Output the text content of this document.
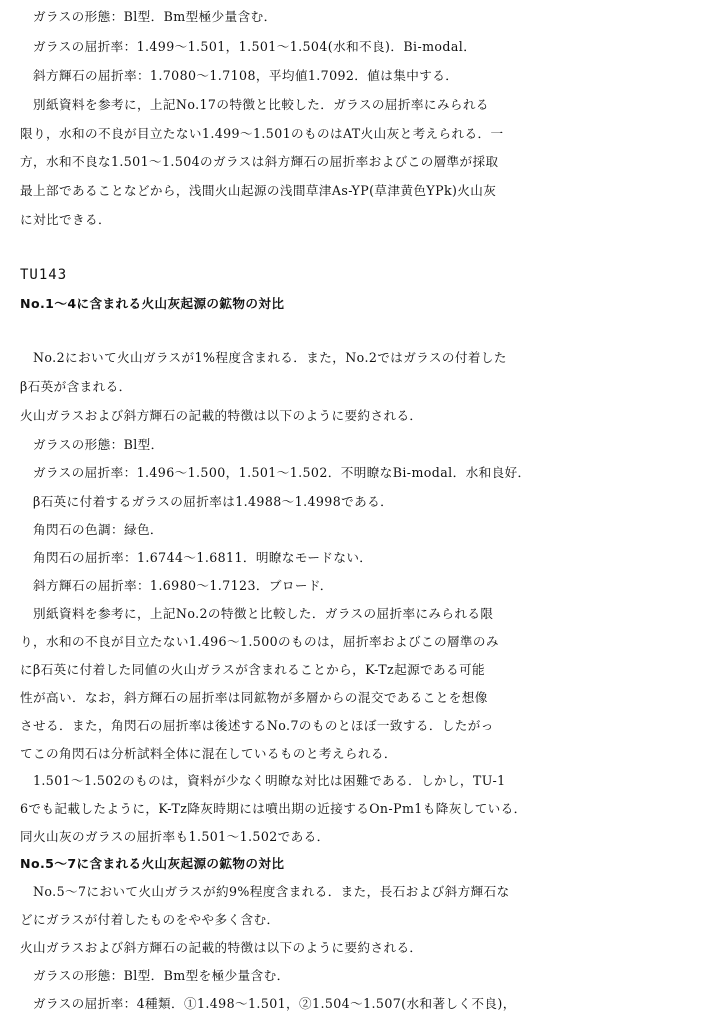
　ガラスの形態：Bl型．Bm型極少量含む．
　ガラスの屈折率：1.499～1.501，1.501～1.504(水和不良)．Bi-modal．
　斜方輝石の屈折率：1.7080～1.7108，平均値1.7092．値は集中する．
　別紙資料を参考に，上記No.17の特徴と比較した．ガラスの屈折率にみられる
限り，水和の不良が目立たない1.499～1.501のものはAT火山灰と考えられる．一
方，水和不良な1.501～1.504のガラスは斜方輝石の屈折率およびこの層準が採取
最上部であることなどから，浅間火山起源の浅間草津As-YP(草津黄色YPk)火山灰
に対比できる．
TU143
No.1～4に含まれる火山灰起源の鉱物の対比
　No.2において火山ガラスが1%程度含まれる．また，No.2ではガラスの付着した
β石英が含まれる．
火山ガラスおよび斜方輝石の記載的特徴は以下のように要約される．
　ガラスの形態：Bl型．
　ガラスの屈折率：1.496～1.500，1.501～1.502．不明瞭なBi-modal．水和良好．
　β石英に付着するガラスの屈折率は1.4988～1.4998である．
　角閃石の色調：緑色．
　角閃石の屈折率：1.6744～1.6811．明瞭なモードない．
　斜方輝石の屈折率：1.6980～1.7123．ブロード．
　別紙資料を参考に，上記No.2の特徴と比較した．ガラスの屈折率にみられる限
り，水和の不良が目立たない1.496～1.500のものは，屈折率およびこの層準のみ
にβ石英に付着した同値の火山ガラスが含まれることから，K-Tz起源である可能
性が高い．なお，斜方輝石の屈折率は同鉱物が多層からの混交であることを想像
させる．また，角閃石の屈折率は後述するNo.7のものとほぼ一致する．したがっ
てこの角閃石は分析試料全体に混在しているものと考えられる．
　1.501～1.502のものは，資料が少なく明瞭な対比は困難である．しかし，TU-1
6でも記載したように，K-Tz降灰時期には噴出期の近接するOn-Pm1も降灰している．
同火山灰のガラスの屈折率も1.501～1.502である．
No.5～7に含まれる火山灰起源の鉱物の対比
　No.5～7において火山ガラスが約9%程度含まれる．また，長石および斜方輝石な
どにガラスが付着したものをやや多く含む．
火山ガラスおよび斜方輝石の記載的特徴は以下のように要約される．
　ガラスの形態：Bl型．Bm型を極少量含む．
　ガラスの屈折率：4種類．①1.498～1.501，②1.504～1.507(水和著しく不良)，
